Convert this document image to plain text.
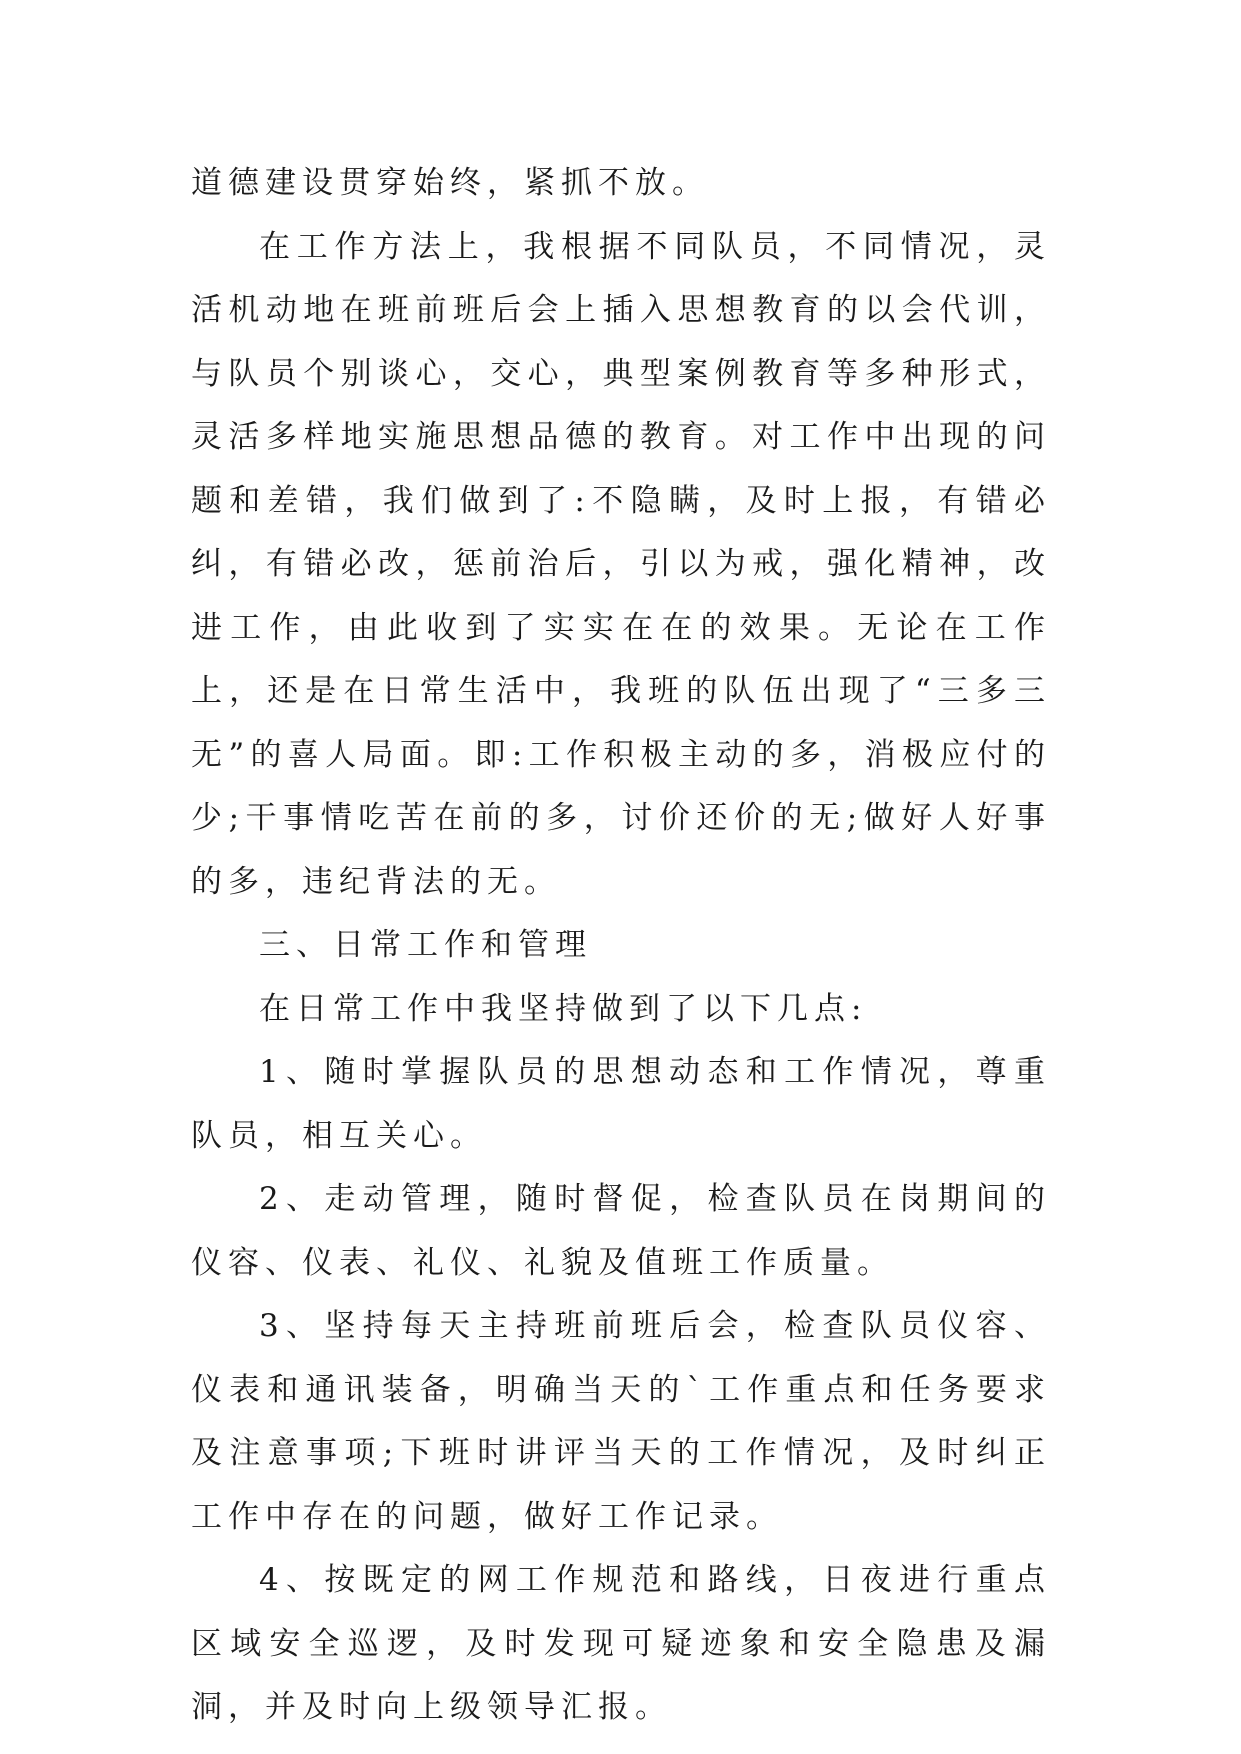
道德建设贯穿始终，紧抓不放。

在工作方法上，我根据不同队员，不同情况，灵活机动地在班前班后会上插入思想教育的以会代训，与队员个别谈心，交心，典型案例教育等多种形式，灵活多样地实施思想品德的教育。对工作中出现的问题和差错，我们做到了:不隐瞒，及时上报，有错必纠，有错必改，惩前治后，引以为戒，强化精神，改进工作，由此收到了实实在在的效果。无论在工作上，还是在日常生活中，我班的队伍出现了“三多三无”的喜人局面。即:工作积极主动的多，消极应付的少;干事情吃苦在前的多，讨价还价的无;做好人好事的多，违纪背法的无。

三、日常工作和管理

在日常工作中我坚持做到了以下几点:

1、随时掌握队员的思想动态和工作情况，尊重队员，相互关心。

2、走动管理，随时督促，检查队员在岗期间的仪容、仪表、礼仪、礼貌及值班工作质量。

3、坚持每天主持班前班后会，检查队员仪容、仪表和通讯装备，明确当天的`工作重点和任务要求及注意事项;下班时讲评当天的工作情况，及时纠正工作中存在的问题，做好工作记录。

4、按既定的网工作规范和路线，日夜进行重点区域安全巡逻，及时发现可疑迹象和安全隐患及漏洞，并及时向上级领导汇报。
